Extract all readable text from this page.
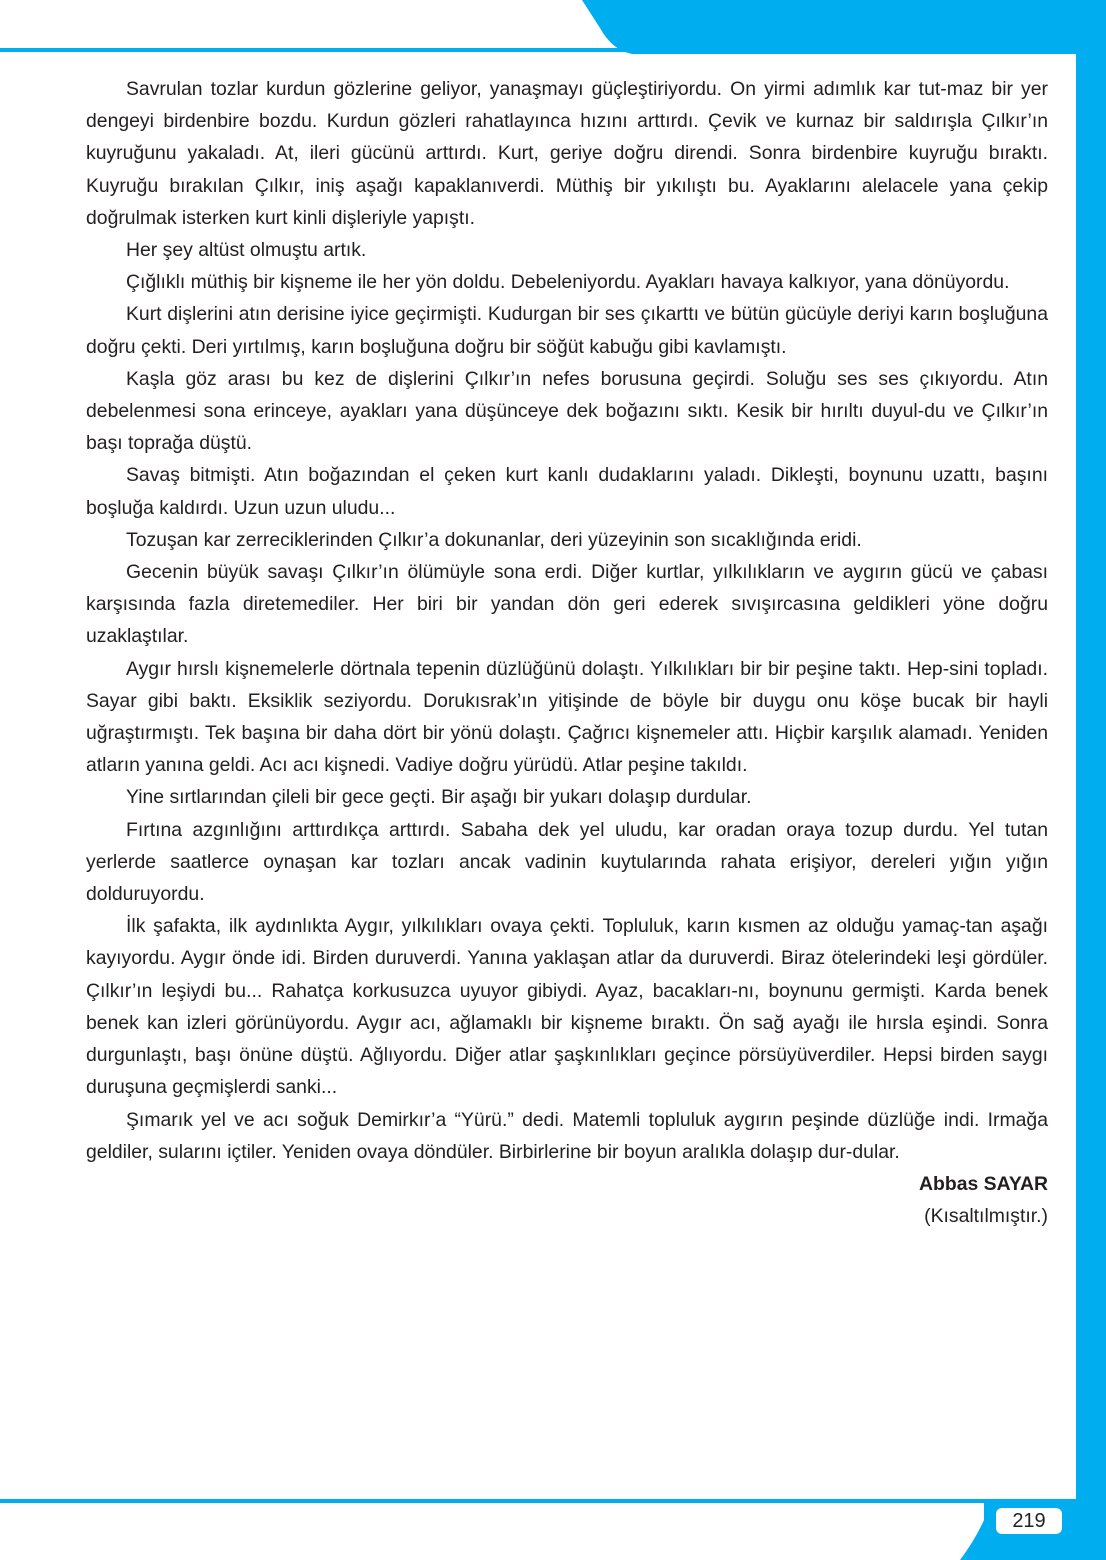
Savrulan tozlar kurdun gözlerine geliyor, yanaşmayı güçleştiriyordu. On yirmi adımlık kar tut-maz bir yer dengeyi birdenbire bozdu. Kurdun gözleri rahatlayınca hızını arttırdı. Çevik ve kurnaz bir saldırışla Çılkır’ın kuyruğunu yakaladı. At, ileri gücünü arttırdı. Kurt, geriye doğru direndi. Sonra birdenbire kuyruğu bıraktı. Kuyruğu bırakılan Çılkır, iniş aşağı kapaklanıverdi. Müthiş bir yıkılıştı bu. Ayaklarını alelacele yana çekip doğrulmak isterken kurt kinli dişleriyle yapıştı.

Her şey altüst olmuştu artık.

Çığlıklı müthiş bir kişneme ile her yön doldu. Debeleniyordu. Ayakları havaya kalkıyor, yana dönüyordu.

Kurt dişlerini atın derisine iyice geçirmişti. Kudurgan bir ses çıkarttı ve bütün gücüyle deriyi karın boşluğuna doğru çekti. Deri yırtılmış, karın boşluğuna doğru bir söğüt kabuğu gibi kavlamıştı.

Kaşla göz arası bu kez de dişlerini Çılkır’ın nefes borusuna geçirdi. Soluğu ses ses çıkıyordu. Atın debelenmesi sona erinceye, ayakları yana düşünceye dek boğazını sıktı. Kesik bir hırıltı duyul-du ve Çılkır’ın başı toprağa düştü.

Savaş bitmişti. Atın boğazından el çeken kurt kanlı dudaklarını yaladı. Dikleşti, boynunu uzattı, başını boşluğa kaldırdı. Uzun uzun uludu...

Tozuşan kar zerreciklerinden Çılkır’a dokunanlar, deri yüzeyinin son sıcaklığında eridi.

Gecenin büyük savaşı Çılkır’ın ölümüyle sona erdi. Diğer kurtlar, yılkılıkların ve aygırın gücü ve çabası karşısında fazla diretemediler. Her biri bir yandan dön geri ederek sıvışırcasına geldikleri yöne doğru uzaklaştılar.

Aygır hırslı kişnemelerle dörtnala tepenin düzlüğünü dolaştı. Yılkılıkları bir bir peşine taktı. Hep-sini topladı. Sayar gibi baktı. Eksiklik seziyordu. Dorukısrak’ın yitişinde de böyle bir duygu onu köşe bucak bir hayli uğraştırmıştı. Tek başına bir daha dört bir yönü dolaştı. Çağrıcı kişnemeler attı. Hiçbir karşılık alamadı. Yeniden atların yanına geldi. Acı acı kişnedi. Vadiye doğru yürüdü. Atlar peşine takıldı.

Yine sırtlarından çileli bir gece geçti. Bir aşağı bir yukarı dolaşıp durdular.

Fırtına azgınlığını arttırdıkça arttırdı. Sabaha dek yel uludu, kar oradan oraya tozup durdu. Yel tutan yerlerde saatlerce oynaşan kar tozları ancak vadinin kuytularında rahata erişiyor, dereleri yığın yığın dolduruyordu.

İlk şafakta, ilk aydınlıkta Aygır, yılkılıkları ovaya çekti. Topluluk, karın kısmen az olduğu yamaç-tan aşağı kayıyordu. Aygır önde idi. Birden duruverdi. Yanına yaklaşan atlar da duruverdi. Biraz ötelerindeki leşi gördüler. Çılkır’ın leşiydi bu... Rahatça korkusuzca uyuyor gibiydi. Ayaz, bacakları-nı, boynunu germişti. Karda benek benek kan izleri görünüyordu. Aygır acı, ağlamaklı bir kişneme bıraktı. Ön sağ ayağı ile hırsla eşindi. Sonra durgunlaştı, başı önüne düştü. Ağlıyordu. Diğer atlar şaşkınlıkları geçince pörsüyüverdiler. Hepsi birden saygı duruşuna geçmişlerdi sanki...

Şımarık yel ve acı soğuk Demirkır’a “Yürü.” dedi. Matemli topluluk aygırın peşinde düzlüğe indi. Irmağa geldiler, sularını içtiler. Yeniden ovaya döndüler. Birbirlerine bir boyun aralıkla dolaşıp dur-dular.

Abbas SAYAR
(Kısaltılmıştır.)
219
